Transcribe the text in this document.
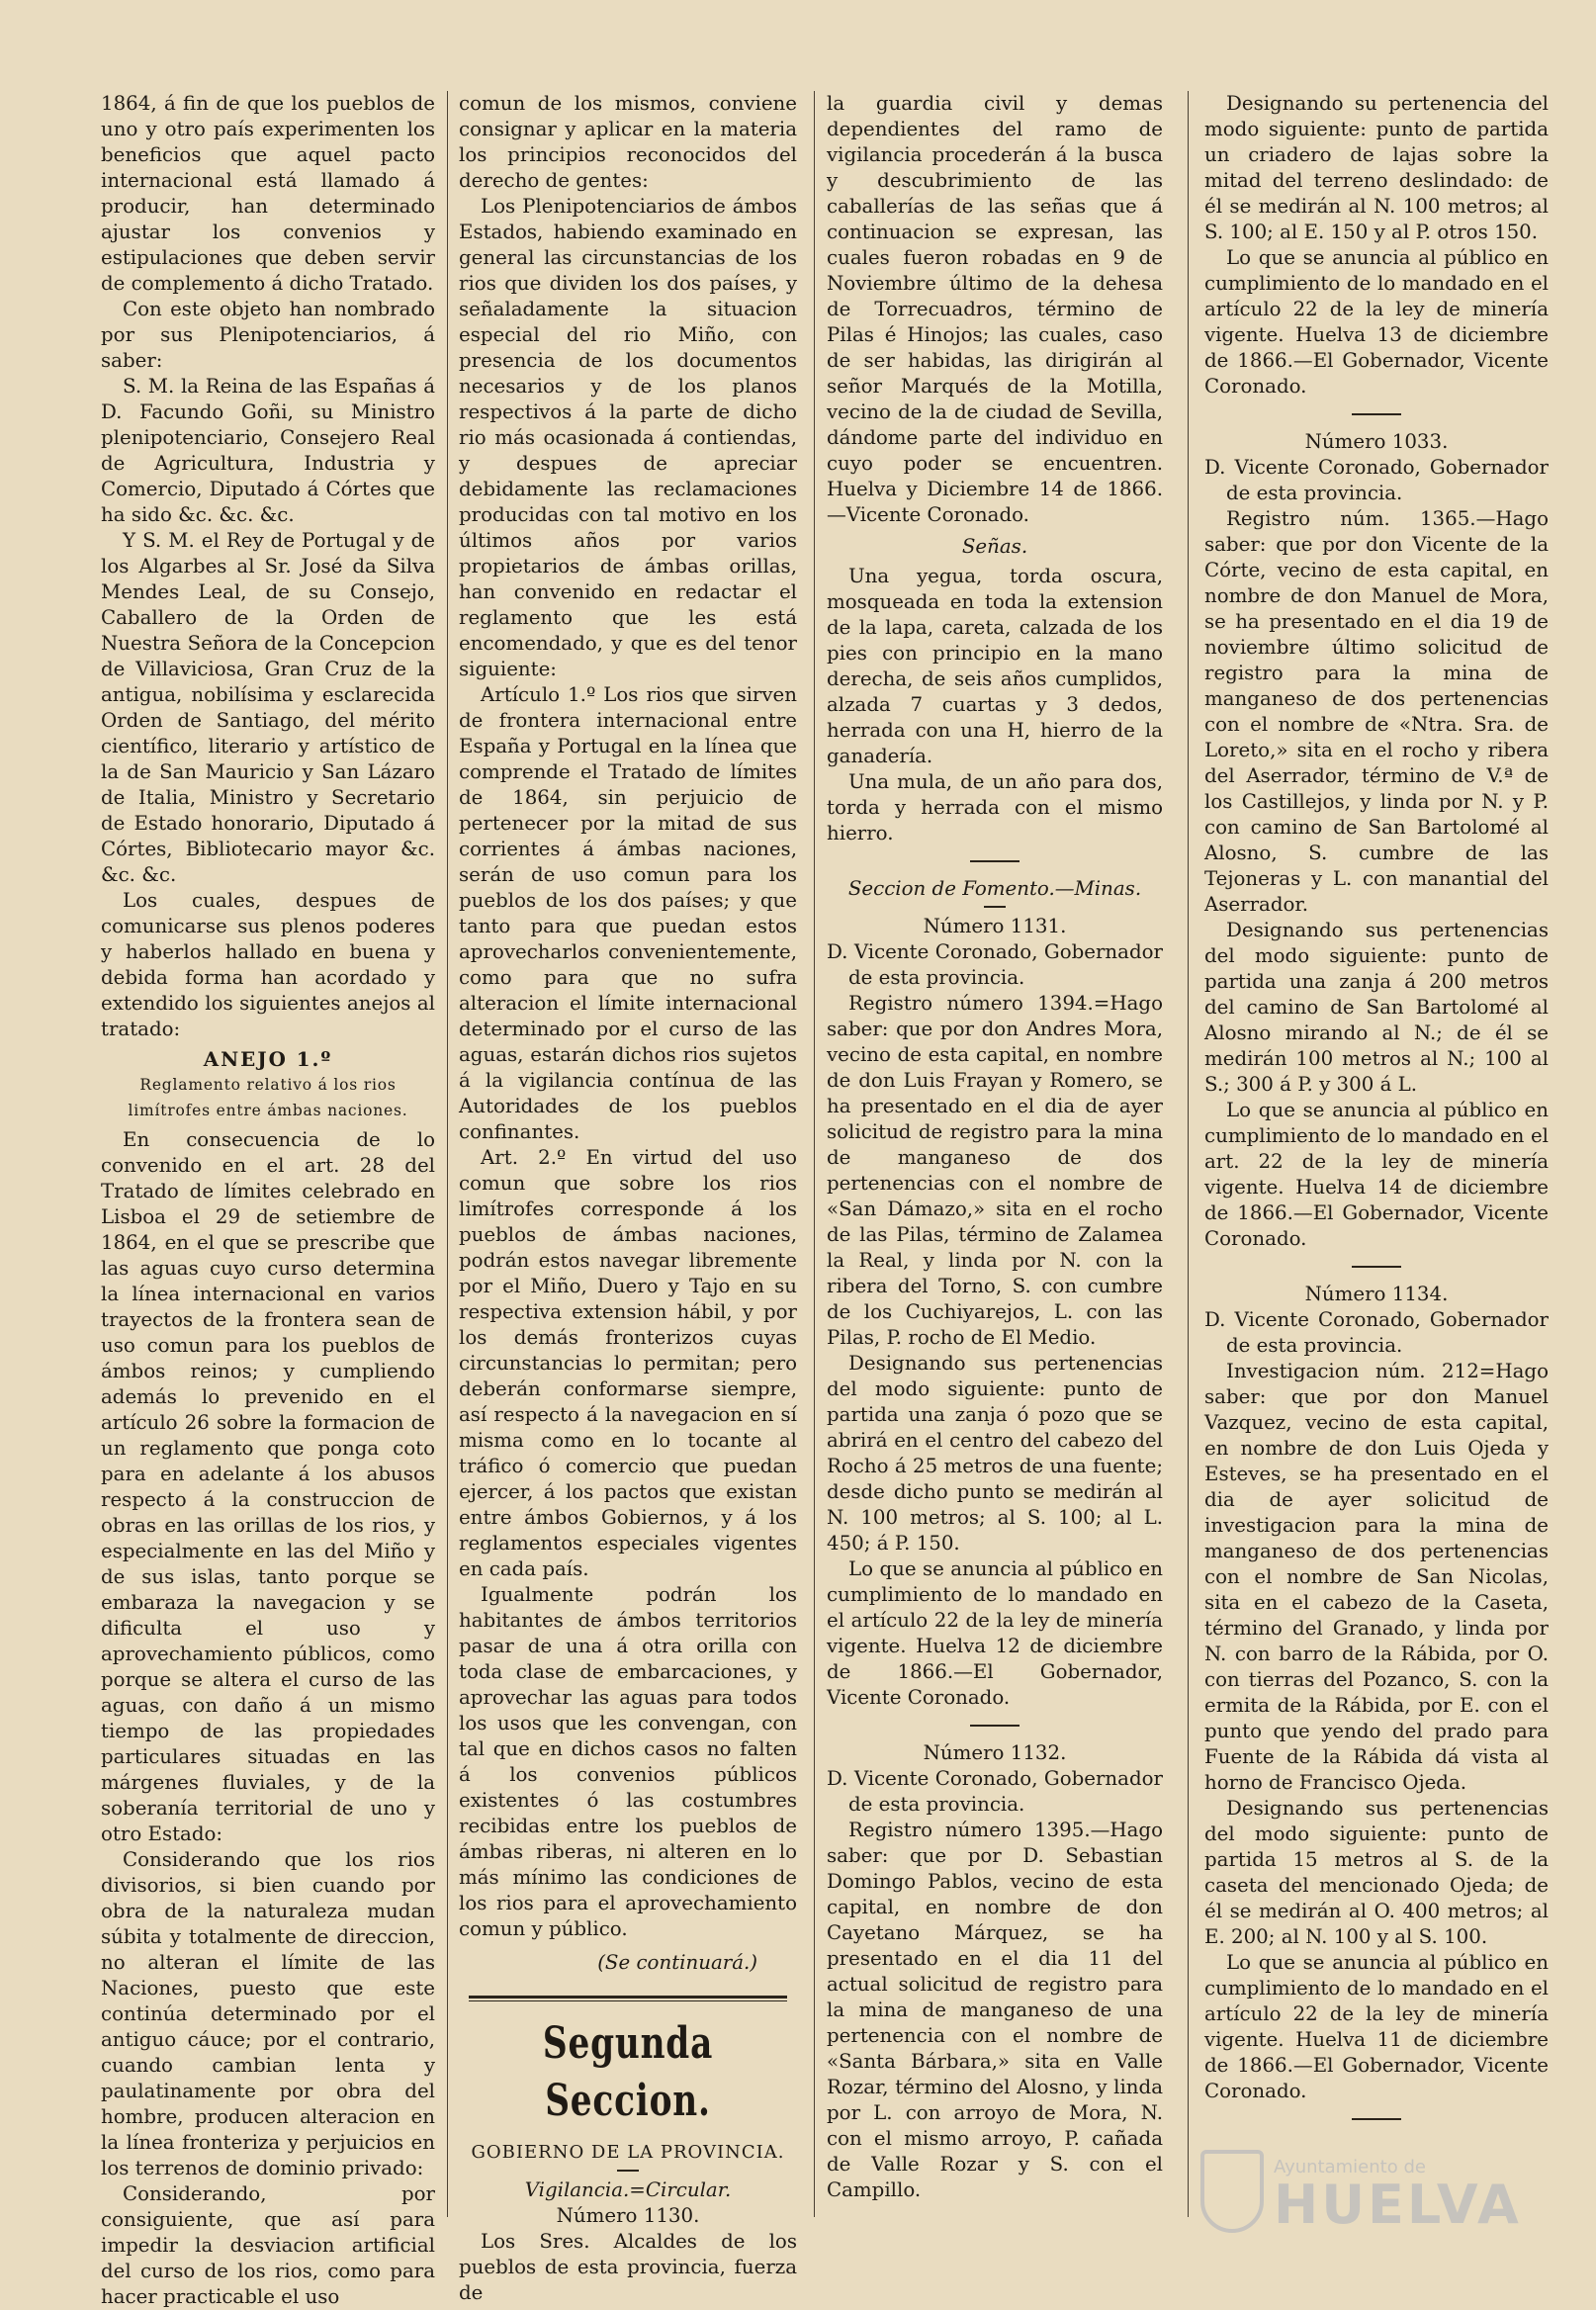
1864, á fin de que los pueblos de uno y otro país experimenten los beneficios que aquel pacto internacional está llamado á producir, han determinado ajustar los convenios y estipulaciones que deben servir de complemento á dicho Tratado.

Con este objeto han nombrado por sus Plenipotenciarios, á saber:

S. M. la Reina de las Españas á D. Facundo Goñi, su Ministro plenipotenciario, Consejero Real de Agricultura, Industria y Comercio, Diputado á Córtes que ha sido &c. &c. &c.

Y S. M. el Rey de Portugal y de los Algarbes al Sr. José da Silva Mendes Leal, de su Consejo, Caballero de la Orden de Nuestra Señora de la Concepcion de Villaviciosa, Gran Cruz de la antigua, nobilísima y esclarecida Orden de Santiago, del mérito científico, literario y artístico de la de San Mauricio y San Lázaro de Italia, Ministro y Secretario de Estado honorario, Diputado á Córtes, Bibliotecario mayor &c. &c. &c.

Los cuales, despues de comunicarse sus plenos poderes y haberlos hallado en buena y debida forma han acordado y extendido los siguientes anejos al tratado:

ANEJO 1.º

Reglamento relativo á los rios limítrofes entre ámbas naciones.

En consecuencia de lo convenido en el art. 28 del Tratado de límites celebrado en Lisboa el 29 de setiembre de 1864, en el que se prescribe que las aguas cuyo curso determina la línea internacional en varios trayectos de la frontera sean de uso comun para los pueblos de ámbos reinos; y cumpliendo además lo prevenido en el artículo 26 sobre la formacion de un reglamento que ponga coto para en adelante á los abusos respecto á la construccion de obras en las orillas de los rios, y especialmente en las del Miño y de sus islas, tanto porque se embaraza la navegacion y se dificulta el uso y aprovechamiento públicos, como porque se altera el curso de las aguas, con daño á un mismo tiempo de las propiedades particulares situadas en las márgenes fluviales, y de la soberanía territorial de uno y otro Estado:

Considerando que los rios divisorios, si bien cuando por obra de la naturaleza mudan súbita y totalmente de direccion, no alteran el límite de las Naciones, puesto que este continúa determinado por el antiguo cáuce; por el contrario, cuando cambian lenta y paulatinamente por obra del hombre, producen alteracion en la línea fronteriza y perjuicios en los terrenos de dominio privado:

Considerando, por consiguiente, que así para impedir la desviacion artificial del curso de los rios, como para hacer practicable el uso

comun de los mismos, conviene consignar y aplicar en la materia los principios reconocidos del derecho de gentes:

Los Plenipotenciarios de ámbos Estados, habiendo examinado en general las circunstancias de los rios que dividen los dos países, y señaladamente la situacion especial del rio Miño, con presencia de los documentos necesarios y de los planos respectivos á la parte de dicho rio más ocasionada á contiendas, y despues de apreciar debidamente las reclamaciones producidas con tal motivo en los últimos años por varios propietarios de ámbas orillas, han convenido en redactar el reglamento que les está encomendado, y que es del tenor siguiente:

Artículo 1.º Los rios que sirven de frontera internacional entre España y Portugal en la línea que comprende el Tratado de límites de 1864, sin perjuicio de pertenecer por la mitad de sus corrientes á ámbas naciones, serán de uso comun para los pueblos de los dos países; y que tanto para que puedan estos aprovecharlos convenientemente, como para que no sufra alteracion el límite internacional determinado por el curso de las aguas, estarán dichos rios sujetos á la vigilancia contínua de las Autoridades de los pueblos confinantes.

Art. 2.º En virtud del uso comun que sobre los rios limítrofes corresponde á los pueblos de ámbas naciones, podrán estos navegar libremente por el Miño, Duero y Tajo en su respectiva extension hábil, y por los demás fronterizos cuyas circunstancias lo permitan; pero deberán conformarse siempre, así respecto á la navegacion en sí misma como en lo tocante al tráfico ó comercio que puedan ejercer, á los pactos que existan entre ámbos Gobiernos, y á los reglamentos especiales vigentes en cada país.

Igualmente podrán los habitantes de ámbos territorios pasar de una á otra orilla con toda clase de embarcaciones, y aprovechar las aguas para todos los usos que les convengan, con tal que en dichos casos no falten á los convenios públicos existentes ó las costumbres recibidas entre los pueblos de ámbas riberas, ni alteren en lo más mínimo las condiciones de los rios para el aprovechamiento comun y público.

(Se continuará.)

Segunda Seccion.

GOBIERNO DE LA PROVINCIA.

Vigilancia.=Circular.

Número 1130.

Los Sres. Alcaldes de los pueblos de esta provincia, fuerza de

la guardia civil y demas dependientes del ramo de vigilancia procederán á la busca y descubrimiento de las caballerías de las señas que á continuacion se expresan, las cuales fueron robadas en 9 de Noviembre último de la dehesa de Torrecuadros, término de Pilas é Hinojos; las cuales, caso de ser habidas, las dirigirán al señor Marqués de la Motilla, vecino de la de ciudad de Sevilla, dándome parte del individuo en cuyo poder se encuentren. Huelva y Diciembre 14 de 1866.—Vicente Coronado.

Señas.

Una yegua, torda oscura, mosqueada en toda la extension de la lapa, careta, calzada de los pies con principio en la mano derecha, de seis años cumplidos, alzada 7 cuartas y 3 dedos, herrada con una H, hierro de la ganadería.

Una mula, de un año para dos, torda y herrada con el mismo hierro.

Seccion de Fomento.—Minas.

Número 1131.

D. Vicente Coronado, Gobernador de esta provincia.

Registro número 1394.=Hago saber: que por don Andres Mora, vecino de esta capital, en nombre de don Luis Frayan y Romero, se ha presentado en el dia de ayer solicitud de registro para la mina de manganeso de dos pertenencias con el nombre de «San Dámazo,» sita en el rocho de las Pilas, término de Zalamea la Real, y linda por N. con la ribera del Torno, S. con cumbre de los Cuchiyarejos, L. con las Pilas, P. rocho de El Medio.

Designando sus pertenencias del modo siguiente: punto de partida una zanja ó pozo que se abrirá en el centro del cabezo del Rocho á 25 metros de una fuente; desde dicho punto se medirán al N. 100 metros; al S. 100; al L. 450; á P. 150.

Lo que se anuncia al público en cumplimiento de lo mandado en el artículo 22 de la ley de minería vigente. Huelva 12 de diciembre de 1866.—El Gobernador, Vicente Coronado.

Número 1132.

D. Vicente Coronado, Gobernador de esta provincia.

Registro número 1395.—Hago saber: que por D. Sebastian Domingo Pablos, vecino de esta capital, en nombre de don Cayetano Márquez, se ha presentado en el dia 11 del actual solicitud de registro para la mina de manganeso de una pertenencia con el nombre de «Santa Bárbara,» sita en Valle Rozar, término del Alosno, y linda por L. con arroyo de Mora, N. con el mismo arroyo, P. cañada de Valle Rozar y S. con el Campillo.

Designando su pertenencia del modo siguiente: punto de partida un criadero de lajas sobre la mitad del terreno deslindado: de él se medirán al N. 100 metros; al S. 100; al E. 150 y al P. otros 150.

Lo que se anuncia al público en cumplimiento de lo mandado en el artículo 22 de la ley de minería vigente. Huelva 13 de diciembre de 1866.—El Gobernador, Vicente Coronado.

Número 1033.

D. Vicente Coronado, Gobernador de esta provincia.

Registro núm. 1365.—Hago saber: que por don Vicente de la Córte, vecino de esta capital, en nombre de don Manuel de Mora, se ha presentado en el dia 19 de noviembre último solicitud de registro para la mina de manganeso de dos pertenencias con el nombre de «Ntra. Sra. de Loreto,» sita en el rocho y ribera del Aserrador, término de V.ª de los Castillejos, y linda por N. y P. con camino de San Bartolomé al Alosno, S. cumbre de las Tejoneras y L. con manantial del Aserrador.

Designando sus pertenencias del modo siguiente: punto de partida una zanja á 200 metros del camino de San Bartolomé al Alosno mirando al N.; de él se medirán 100 metros al N.; 100 al S.; 300 á P. y 300 á L.

Lo que se anuncia al público en cumplimiento de lo mandado en el art. 22 de la ley de minería vigente. Huelva 14 de diciembre de 1866.—El Gobernador, Vicente Coronado.

Número 1134.

D. Vicente Coronado, Gobernador de esta provincia.

Investigacion núm. 212=Hago saber: que por don Manuel Vazquez, vecino de esta capital, en nombre de don Luis Ojeda y Esteves, se ha presentado en el dia de ayer solicitud de investigacion para la mina de manganeso de dos pertenencias con el nombre de San Nicolas, sita en el cabezo de la Caseta, término del Granado, y linda por N. con barro de la Rábida, por O. con tierras del Pozanco, S. con la ermita de la Rábida, por E. con el punto que yendo del prado para Fuente de la Rábida dá vista al horno de Francisco Ojeda.

Designando sus pertenencias del modo siguiente: punto de partida 15 metros al S. de la caseta del mencionado Ojeda; de él se medirán al O. 400 metros; al E. 200; al N. 100 y al S. 100.

Lo que se anuncia al público en cumplimiento de lo mandado en el artículo 22 de la ley de minería vigente. Huelva 11 de diciembre de 1866.—El Gobernador, Vicente Coronado.

Ayuntamiento de
HUELVA
